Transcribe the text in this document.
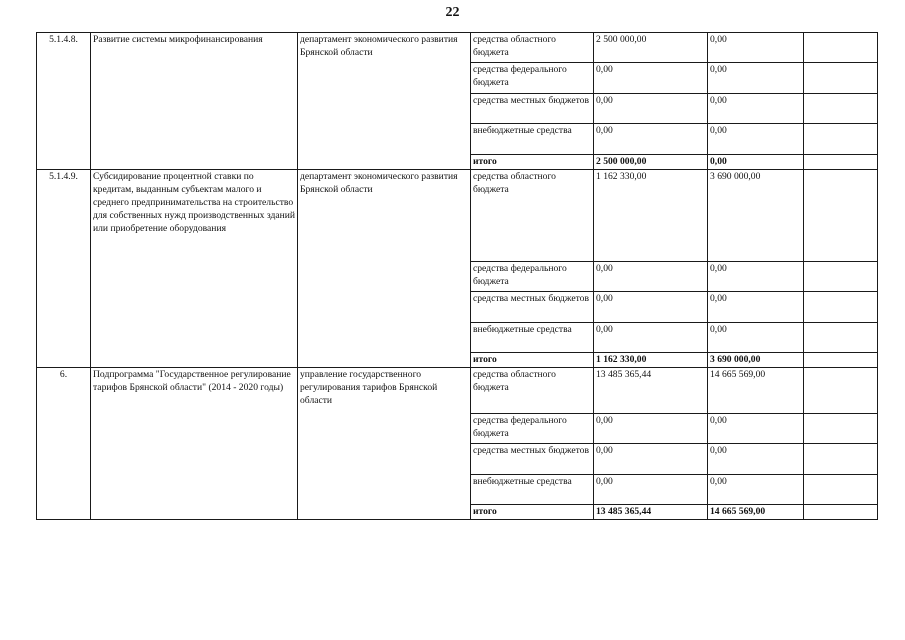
22
5.1.4.8.	Развитие системы микрофинансирования	департамент экономического развития Брянской области	средства областного бюджета	2 500 000,00	0,00	
			средства федерального бюджета	0,00	0,00	
			средства местных бюджетов	0,00	0,00	
			внебюджетные средства	0,00	0,00	
			итого	2 500 000,00	0,00	
5.1.4.9.	Субсидирование процентной ставки по кредитам, выданным субъектам малого и среднего предпринимательства на строительство для собственных нужд производственных зданий или приобретение оборудования	департамент экономического развития Брянской области	средства областного бюджета	1 162 330,00	3 690 000,00	
			средства федерального бюджета	0,00	0,00	
			средства местных бюджетов	0,00	0,00	
			внебюджетные средства	0,00	0,00	
			итого	1 162 330,00	3 690 000,00	
6.	Подпрограмма "Государственное регулирование тарифов Брянской области" (2014 - 2020 годы)	управление государственного регулирования тарифов Брянской области	средства областного бюджета	13 485 365,44	14 665 569,00	
			средства федерального бюджета	0,00	0,00	
			средства местных бюджетов	0,00	0,00	
			внебюджетные средства	0,00	0,00	
			итого	13 485 365,44	14 665 569,00	
